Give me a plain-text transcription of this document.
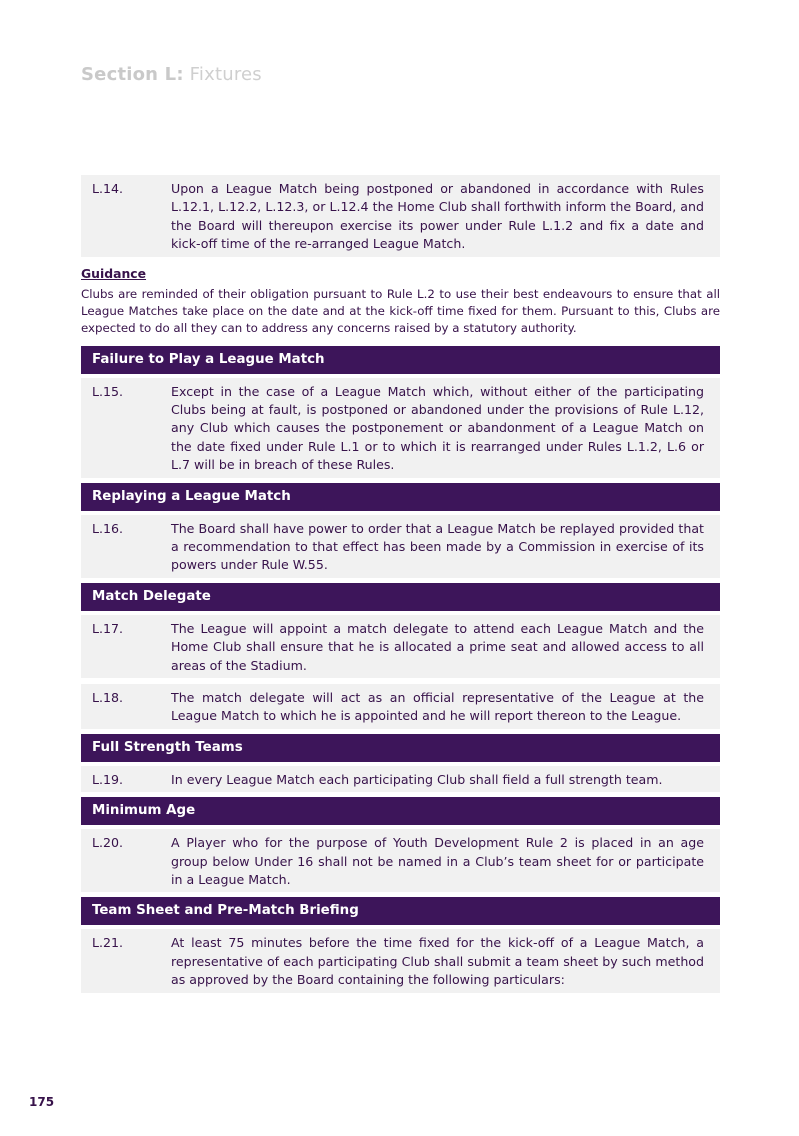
Section L: Fixtures
L.14.	Upon a League Match being postponed or abandoned in accordance with Rules L.12.1, L.12.2, L.12.3, or L.12.4 the Home Club shall forthwith inform the Board, and the Board will thereupon exercise its power under Rule L.1.2 and fix a date and kick-off time of the re-arranged League Match.
Guidance
Clubs are reminded of their obligation pursuant to Rule L.2 to use their best endeavours to ensure that all League Matches take place on the date and at the kick-off time fixed for them. Pursuant to this, Clubs are expected to do all they can to address any concerns raised by a statutory authority.
Failure to Play a League Match
L.15.	Except in the case of a League Match which, without either of the participating Clubs being at fault, is postponed or abandoned under the provisions of Rule L.12, any Club which causes the postponement or abandonment of a League Match on the date fixed under Rule L.1 or to which it is rearranged under Rules L.1.2, L.6 or L.7 will be in breach of these Rules.
Replaying a League Match
L.16.	The Board shall have power to order that a League Match be replayed provided that a recommendation to that effect has been made by a Commission in exercise of its powers under Rule W.55.
Match Delegate
L.17.	The League will appoint a match delegate to attend each League Match and the Home Club shall ensure that he is allocated a prime seat and allowed access to all areas of the Stadium.
L.18.	The match delegate will act as an official representative of the League at the League Match to which he is appointed and he will report thereon to the League.
Full Strength Teams
L.19.	In every League Match each participating Club shall field a full strength team.
Minimum Age
L.20.	A Player who for the purpose of Youth Development Rule 2 is placed in an age group below Under 16 shall not be named in a Club’s team sheet for or participate in a League Match.
Team Sheet and Pre-Match Briefing
L.21.	At least 75 minutes before the time fixed for the kick-off of a League Match, a representative of each participating Club shall submit a team sheet by such method as approved by the Board containing the following particulars:
175
